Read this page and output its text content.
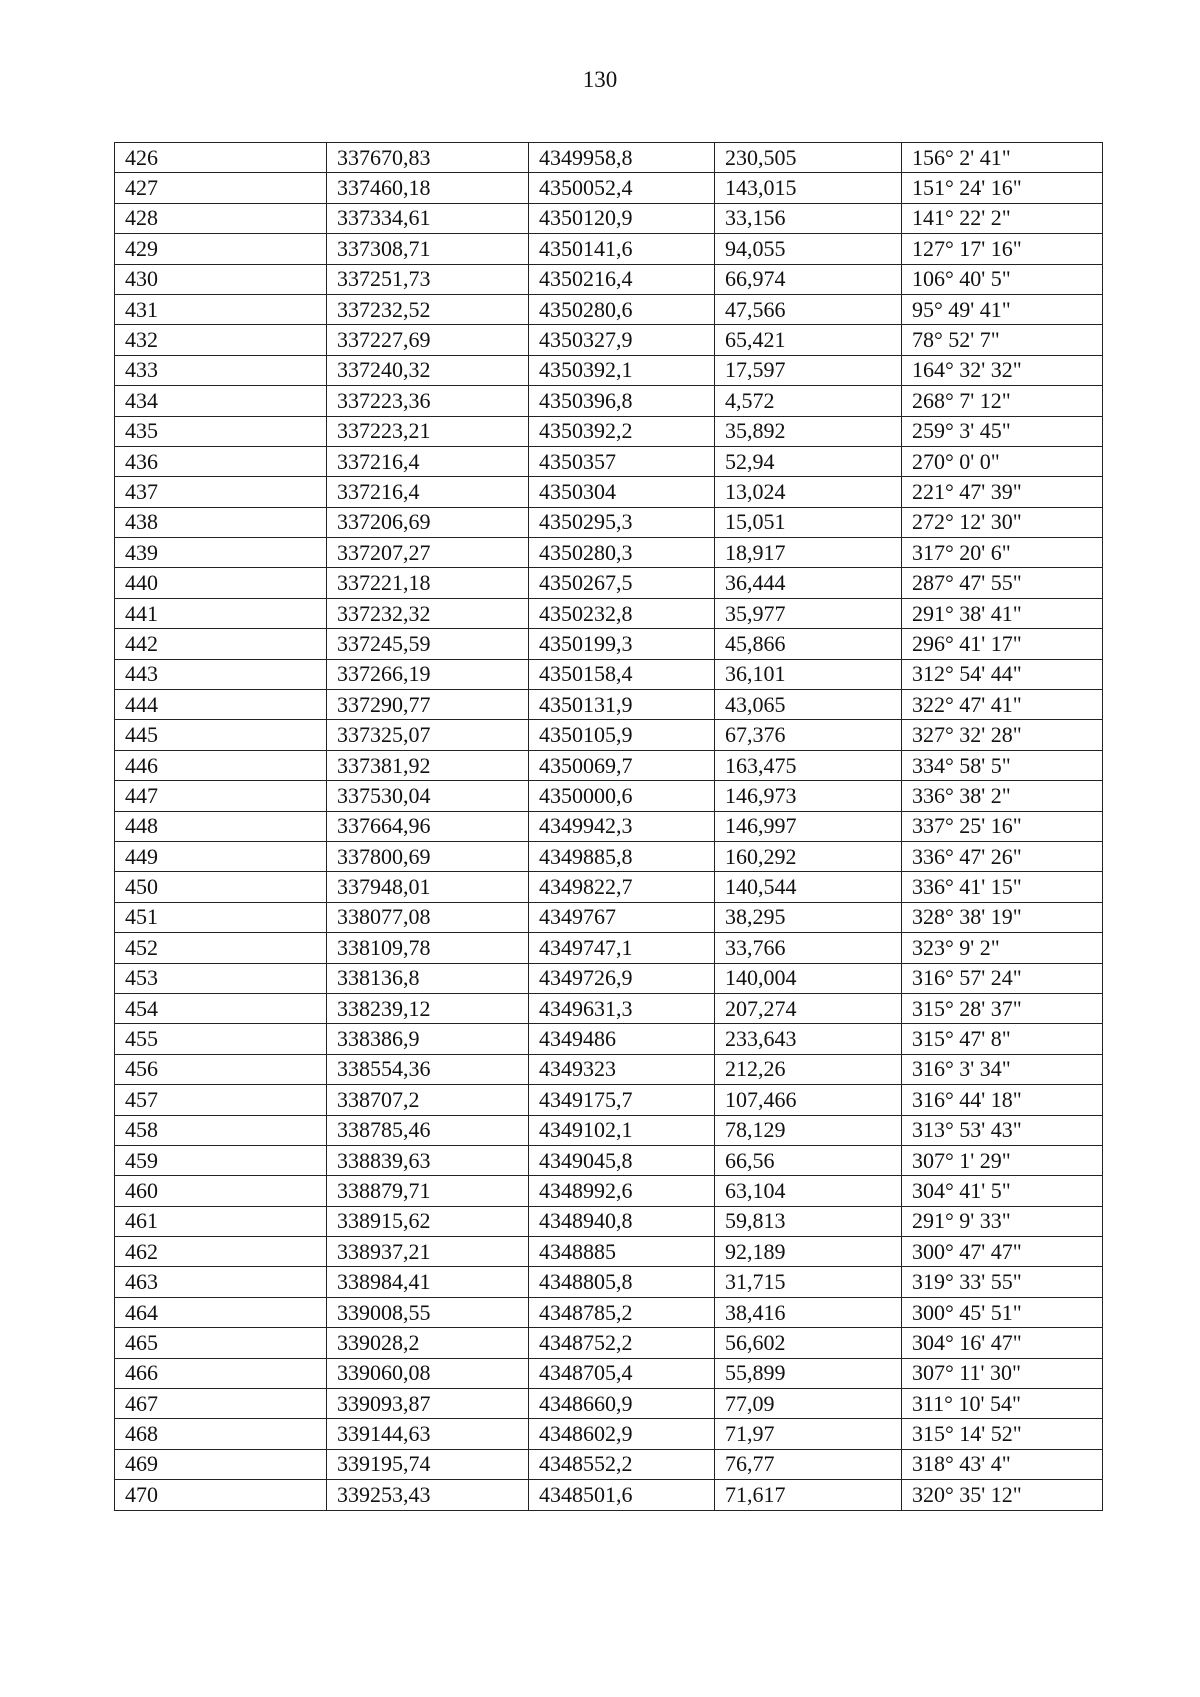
130
426	337670,83	4349958,8	230,505	156° 2' 41"
427	337460,18	4350052,4	143,015	151° 24' 16"
428	337334,61	4350120,9	33,156	141° 22' 2"
429	337308,71	4350141,6	94,055	127° 17' 16"
430	337251,73	4350216,4	66,974	106° 40' 5"
431	337232,52	4350280,6	47,566	95° 49' 41"
432	337227,69	4350327,9	65,421	78° 52' 7"
433	337240,32	4350392,1	17,597	164° 32' 32"
434	337223,36	4350396,8	4,572	268° 7' 12"
435	337223,21	4350392,2	35,892	259° 3' 45"
436	337216,4	4350357	52,94	270° 0' 0"
437	337216,4	4350304	13,024	221° 47' 39"
438	337206,69	4350295,3	15,051	272° 12' 30"
439	337207,27	4350280,3	18,917	317° 20' 6"
440	337221,18	4350267,5	36,444	287° 47' 55"
441	337232,32	4350232,8	35,977	291° 38' 41"
442	337245,59	4350199,3	45,866	296° 41' 17"
443	337266,19	4350158,4	36,101	312° 54' 44"
444	337290,77	4350131,9	43,065	322° 47' 41"
445	337325,07	4350105,9	67,376	327° 32' 28"
446	337381,92	4350069,7	163,475	334° 58' 5"
447	337530,04	4350000,6	146,973	336° 38' 2"
448	337664,96	4349942,3	146,997	337° 25' 16"
449	337800,69	4349885,8	160,292	336° 47' 26"
450	337948,01	4349822,7	140,544	336° 41' 15"
451	338077,08	4349767	38,295	328° 38' 19"
452	338109,78	4349747,1	33,766	323° 9' 2"
453	338136,8	4349726,9	140,004	316° 57' 24"
454	338239,12	4349631,3	207,274	315° 28' 37"
455	338386,9	4349486	233,643	315° 47' 8"
456	338554,36	4349323	212,26	316° 3' 34"
457	338707,2	4349175,7	107,466	316° 44' 18"
458	338785,46	4349102,1	78,129	313° 53' 43"
459	338839,63	4349045,8	66,56	307° 1' 29"
460	338879,71	4348992,6	63,104	304° 41' 5"
461	338915,62	4348940,8	59,813	291° 9' 33"
462	338937,21	4348885	92,189	300° 47' 47"
463	338984,41	4348805,8	31,715	319° 33' 55"
464	339008,55	4348785,2	38,416	300° 45' 51"
465	339028,2	4348752,2	56,602	304° 16' 47"
466	339060,08	4348705,4	55,899	307° 11' 30"
467	339093,87	4348660,9	77,09	311° 10' 54"
468	339144,63	4348602,9	71,97	315° 14' 52"
469	339195,74	4348552,2	76,77	318° 43' 4"
470	339253,43	4348501,6	71,617	320° 35' 12"
